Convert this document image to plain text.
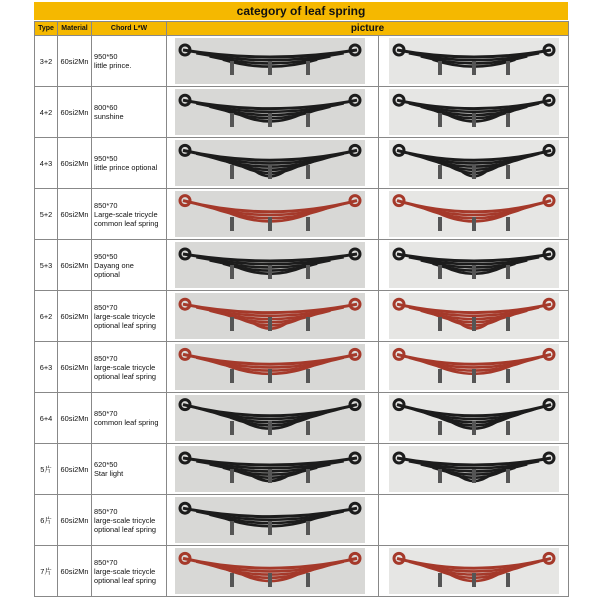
category of leaf spring
Type	Material	Chord L*W	picture	
3+2	60si2Mn	950*50
little prince.

4+2	60si2Mn	800*60
sunshine

4+3	60si2Mn	950*50
little prince optional

5+2	60si2Mn	850*70
Large-scale tricycle
common leaf spring

5+3	60si2Mn	950*50
Dayang one
optional

6+2	60si2Mn	850*70
large-scale tricycle
optional leaf spring

6+3	60si2Mn	850*70
large-scale tricycle
optional leaf spring

6+4	60si2Mn	850*70
common leaf spring

5片	60si2Mn	620*50
Star light

6片	60si2Mn	850*70
large-scale tricycle
optional leaf spring

7片	60si2Mn	850*70
large-scale tricycle
optional leaf spring
